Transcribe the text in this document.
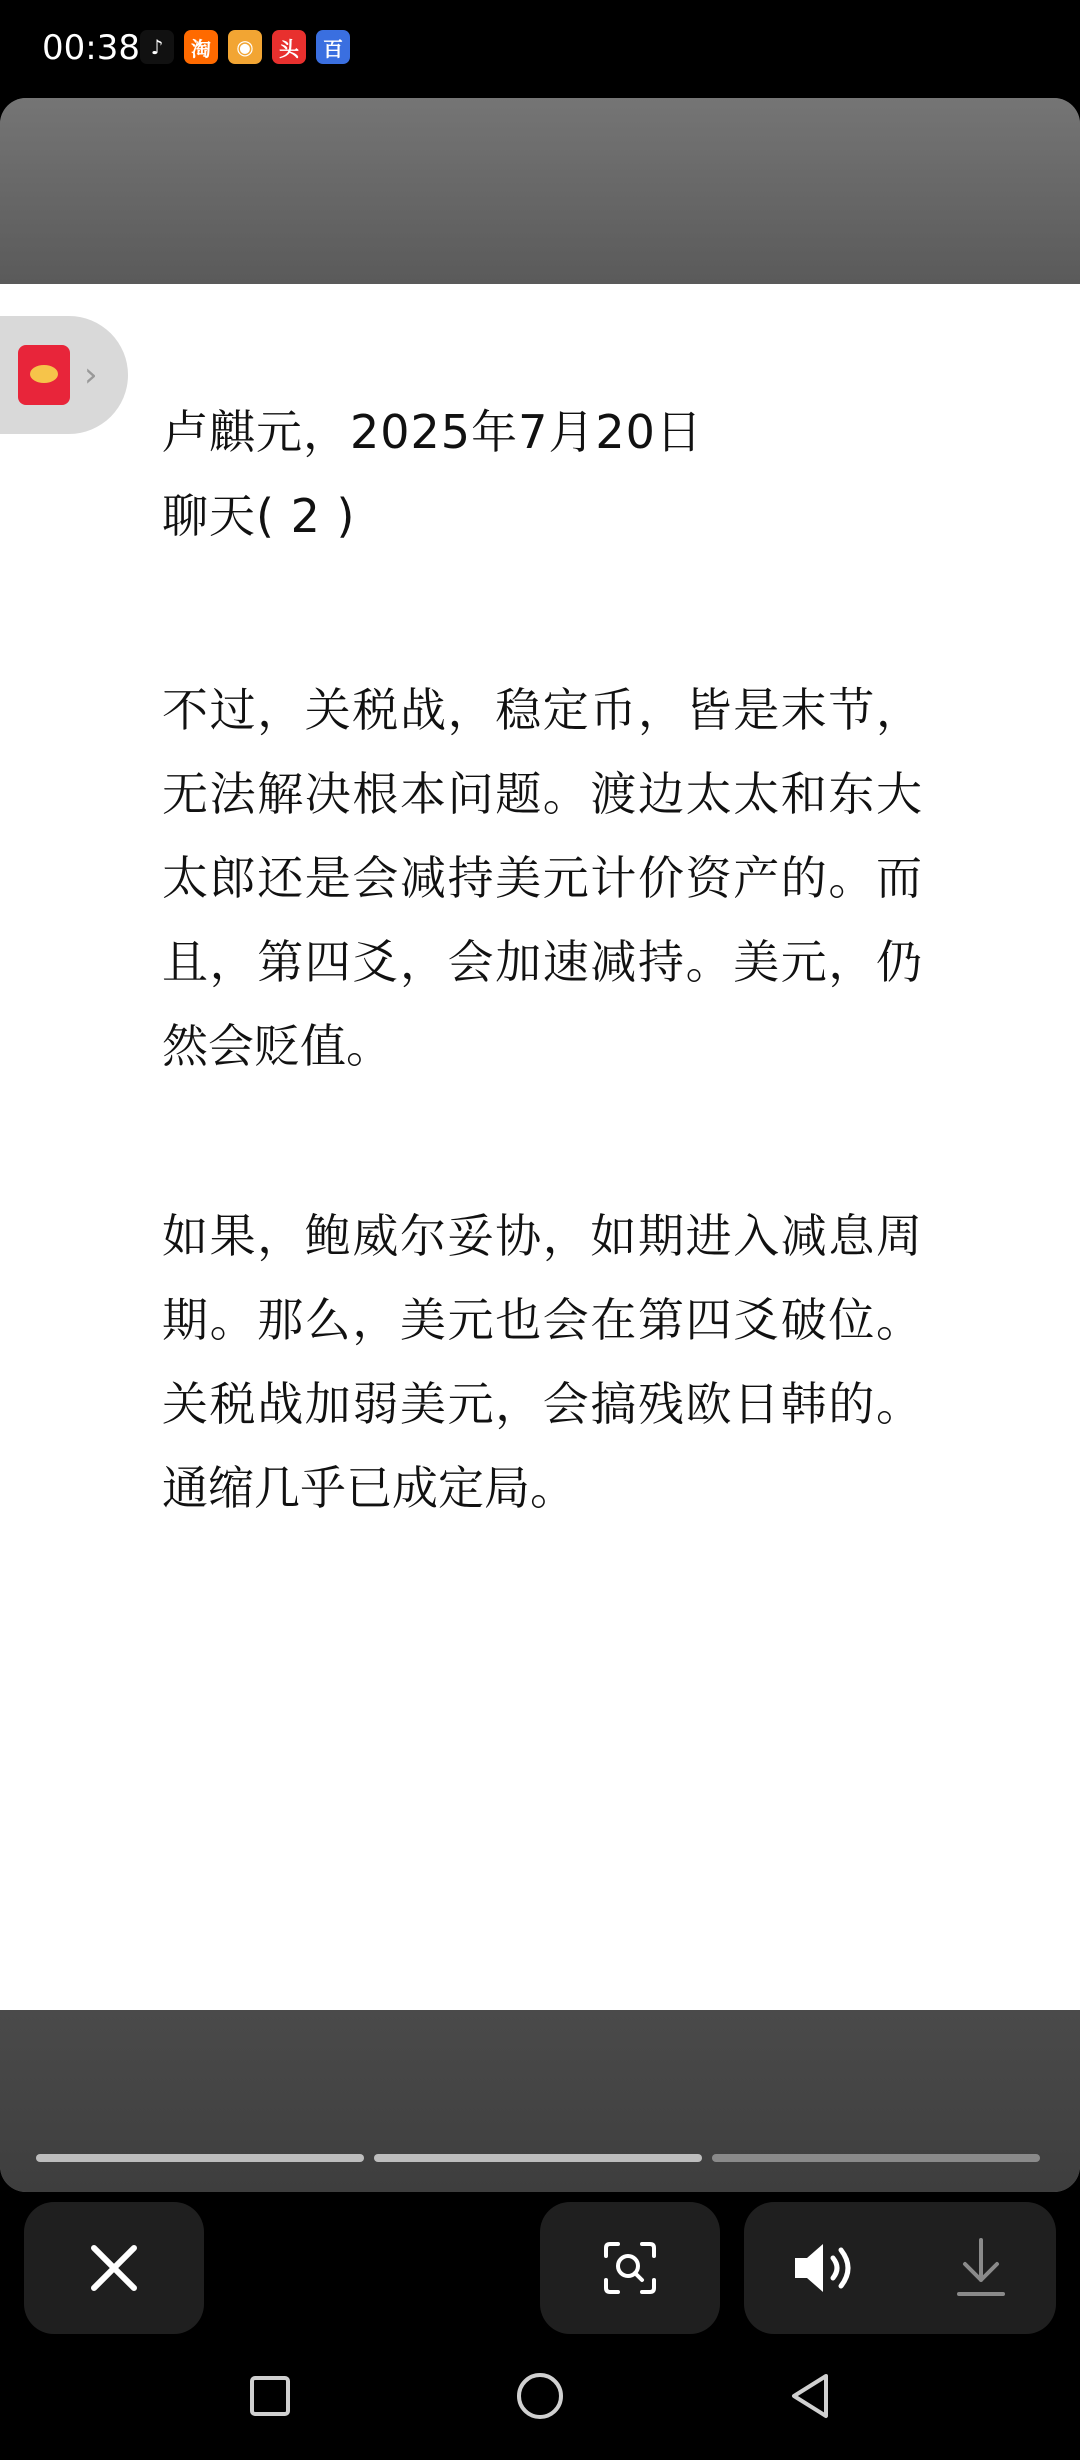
00:38 ♪	淘	◉	头	百
卢麒元，2025年7月20日
聊天( 2 )
不过，关税战，稳定币，皆是末节，无法解决根本问题。渡边太太和东大太郎还是会减持美元计价资产的。而且，第四爻，会加速减持。美元，仍然会贬值。
如果，鲍威尔妥协，如期进入减息周期。那么，美元也会在第四爻破位。关税战加弱美元，会搞残欧日韩的。通缩几乎已成定局。
›
